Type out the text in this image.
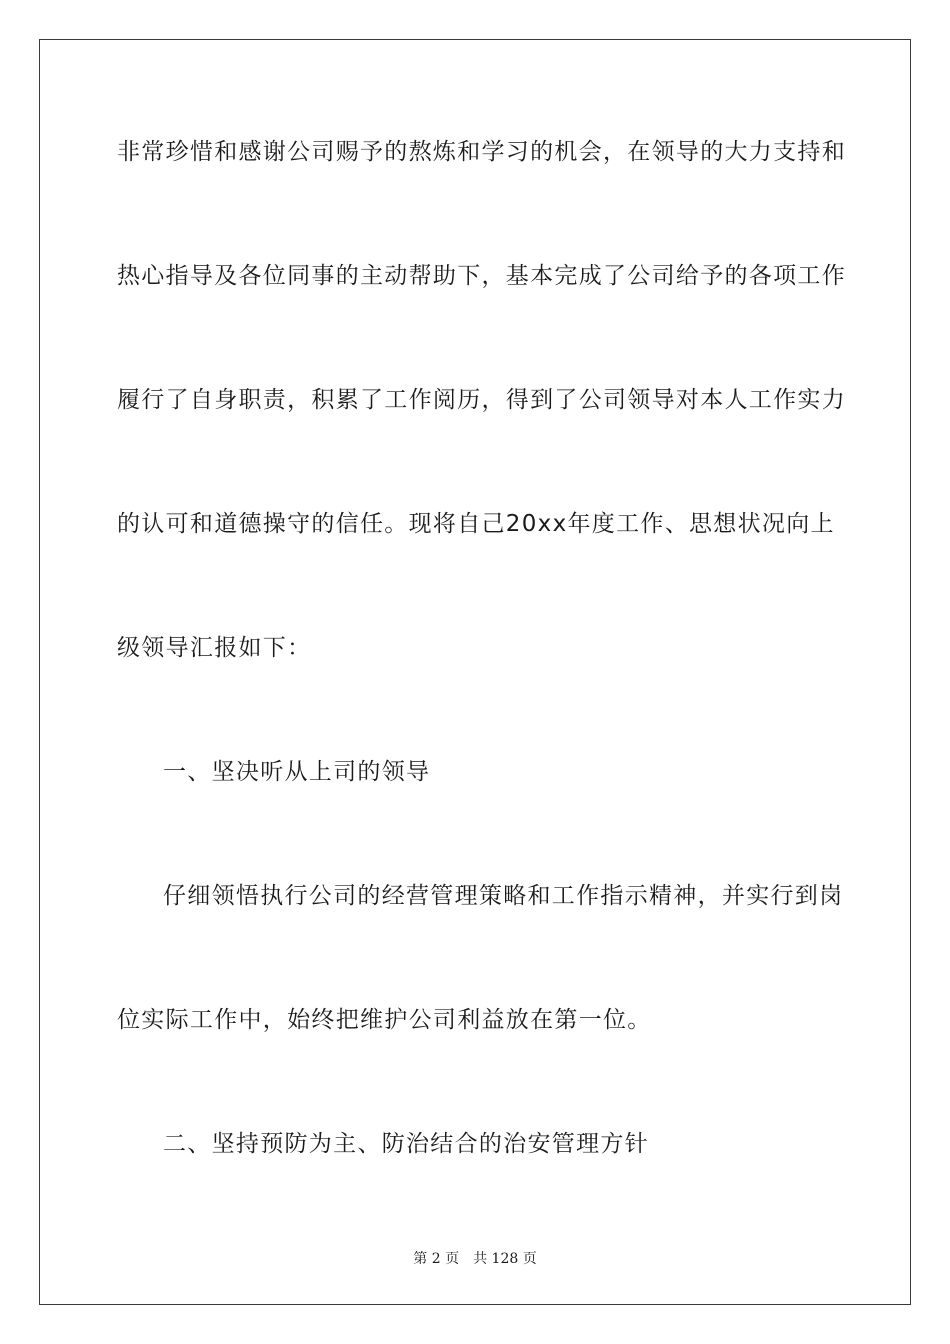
非常珍惜和感谢公司赐予的熬炼和学习的机会，在领导的大力支持和
热心指导及各位同事的主动帮助下，基本完成了公司给予的各项工作
履行了自身职责，积累了工作阅历，得到了公司领导对本人工作实力
的认可和道德操守的信任。现将自己20xx年度工作、思想状况向上
级领导汇报如下：
一、坚决听从上司的领导
仔细领悟执行公司的经营管理策略和工作指示精神，并实行到岗
位实际工作中，始终把维护公司利益放在第一位。
二、坚持预防为主、防治结合的治安管理方针
第 2 页　共 128 页
